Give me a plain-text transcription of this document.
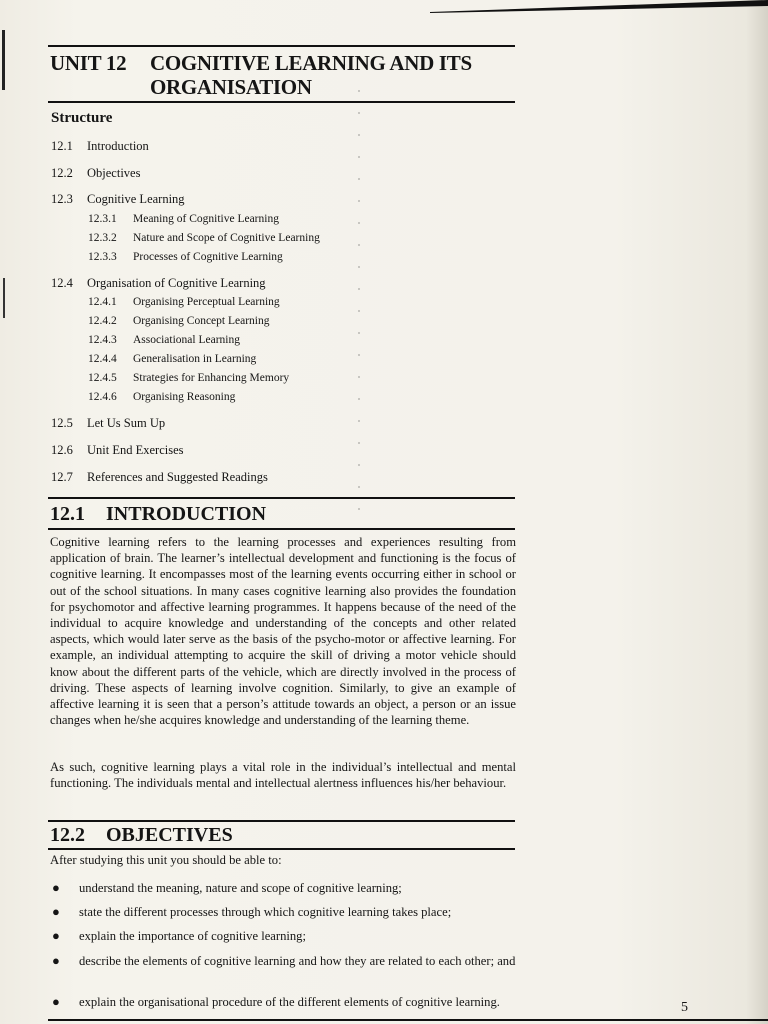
UNIT 12 COGNITIVE LEARNING AND ITS
ORGANISATION
Structure
12.1 Introduction
12.2 Objectives
12.3 Cognitive Learning
12.3.1 Meaning of Cognitive Learning
12.3.2 Nature and Scope of Cognitive Learning
12.3.3 Processes of Cognitive Learning
12.4 Organisation of Cognitive Learning
12.4.1 Organising Perceptual Learning
12.4.2 Organising Concept Learning
12.4.3 Associational Learning
12.4.4 Generalisation in Learning
12.4.5 Strategies for Enhancing Memory
12.4.6 Organising Reasoning
12.5 Let Us Sum Up
12.6 Unit End Exercises
12.7 References and Suggested Readings
12.1 INTRODUCTION
Cognitive learning refers to the learning processes and experiences resulting from application of brain. The learner’s intellectual development and functioning is the focus of cognitive learning. It encompasses most of the learning events occurring either in school or out of the school situations. In many cases cognitive learning also provides the foundation for psychomotor and affective learning programmes. It happens because of the need of the individual to acquire knowledge and understanding of the concepts and other related aspects, which would later serve as the basis of the psycho-motor or affective learning. For example, an individual attempting to acquire the skill of driving a motor vehicle should know about the different parts of the vehicle, which are directly involved in the process of driving. These aspects of learning involve cognition. Similarly, to give an example of affective learning it is seen that a person’s attitude towards an object, a person or an issue changes when he/she acquires knowledge and understanding of the learning theme.
As such, cognitive learning plays a vital role in the individual’s intellectual and mental functioning. The individuals mental and intellectual alertness influences his/her behaviour.
12.2 OBJECTIVES
After studying this unit you should be able to:
● understand the meaning, nature and scope of cognitive learning;
● state the different processes through which cognitive learning takes place;
● explain the importance of cognitive learning;
● describe the elements of cognitive learning and how they are related to each other; and
● explain the organisational procedure of the different elements of cognitive learning.	5
